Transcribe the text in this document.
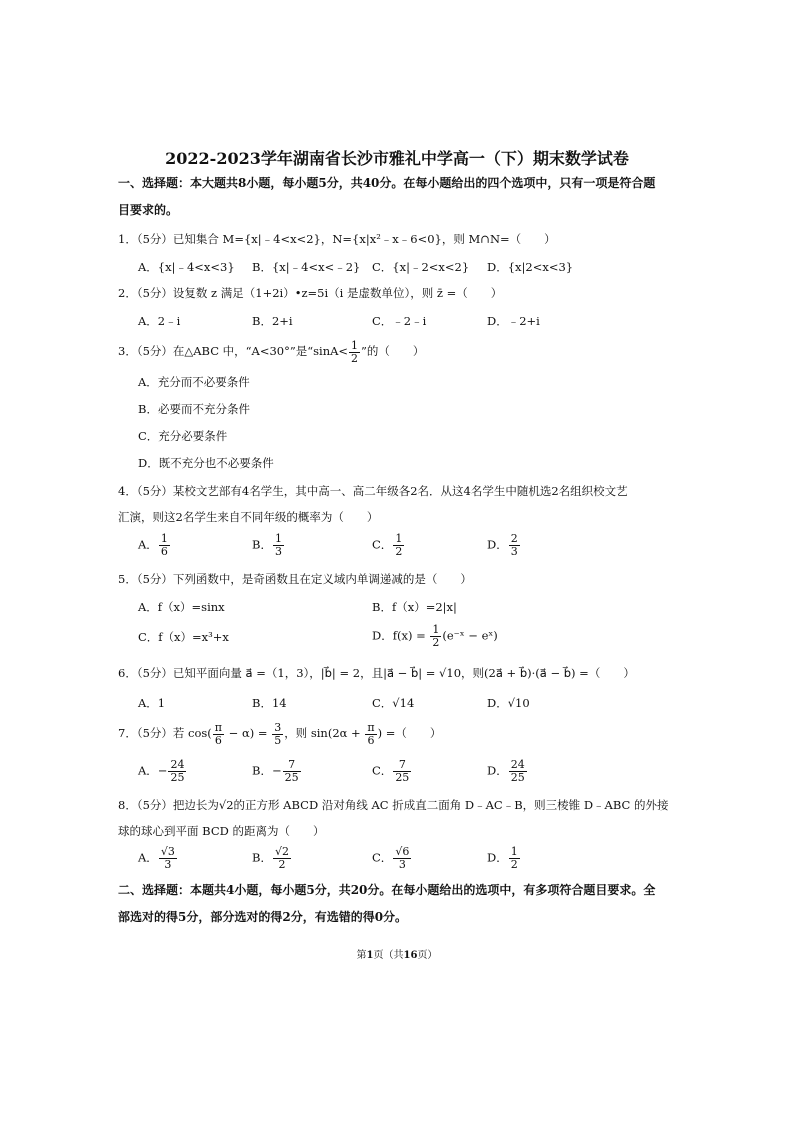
2022-2023学年湖南省长沙市雅礼中学高一（下）期末数学试卷
一、选择题：本大题共8小题，每小题5分，共40分。在每小题给出的四个选项中，只有一项是符合题
目要求的。
1．（5分）已知集合 M={x|﹣4<x<2}，N={x|x²﹣x﹣6<0}，则 M∩N=（　　）
A．{x|﹣4<x<3} B．{x|﹣4<x<﹣2} C．{x|﹣2<x<2} D．{x|2<x<3}
2．（5分）设复数 z 满足（1+2i）•z=5i（i 是虚数单位），则 z̄ =（　　）
A．2﹣i	B．2+i	C．﹣2﹣i	D．﹣2+i
3．（5分）在△ABC 中，“A<30°”是“$\sin A< \frac{1}{2}$ ”的（　　）
A．充分而不必要条件
B．必要而不充分条件
C．充分必要条件
D．既不充分也不必要条件
4．（5分）某校文艺部有4名学生，其中高一、高二年级各2名．从这4名学生中随机选2名组织校文艺
汇演，则这2名学生来自不同年级的概率为（　　）
A． $\frac{1}{6}$	B． $\frac{1}{3}$	C． $\frac{1}{2}$	D． $\frac{2}{3}$
5．（5分）下列函数中，是奇函数且在定义域内单调递减的是（　　）
A．f（x）=sinx	B．f（x）=2|x|
C．f（x）=x³+x	D．$f(x) = \frac{1}{2}$ (e⁻ˣ − eˣ)
6．（5分）已知平面向量 a⃗ =（1，3），|b⃗| = 2，且|a⃗ − b⃗| = √10，则(2a⃗ + b⃗)·(a⃗ − b⃗) =（　　）
A．1	B．14	C．√14	D．√10
7．（5分）若 $\cos( \frac{\pi}{6} - \alpha) = \frac{3}{5}$ ，则 $\sin(2\alpha + \frac{\pi}{6}$ ) =（　　）
A．− $\frac{24}{25}$	B．− $\frac{7}{25}$	C． $\frac{7}{25}$	D． $\frac{24}{25}$
8．（5分）把边长为√2的正方形 ABCD 沿对角线 AC 折成直二面角 D﹣AC﹣B，则三棱锥 D﹣ABC 的外接
球的球心到平面 BCD 的距离为（　　）
A． $\frac{√3}{3}$	B． $\frac{√2}{2}$	C． $\frac{√6}{3}$	D． $\frac{1}{2}$
二、选择题：本题共4小题，每小题5分，共20分。在每小题给出的选项中，有多项符合题目要求。全
部选对的得5分，部分选对的得2分，有选错的得0分。
第1页（共16页）
